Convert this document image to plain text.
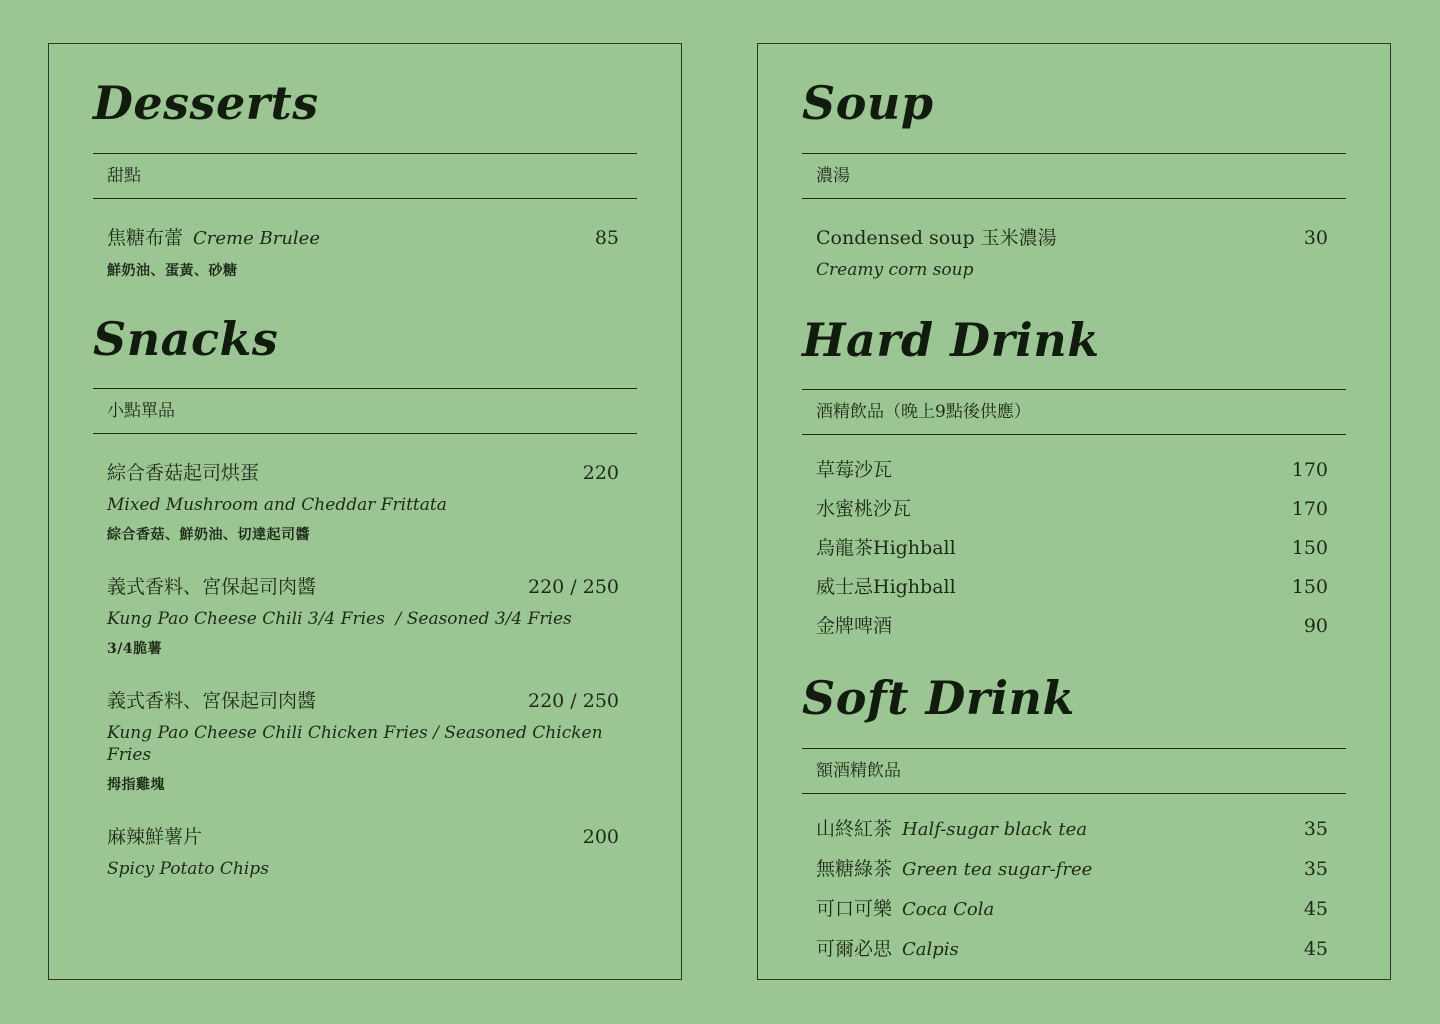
Desserts
甜點
焦糖布蕾 Creme Brulee	85
鮮奶油、蛋黃、砂糖
Snacks
小點單品
綜合香菇起司烘蛋	220
Mixed Mushroom and Cheddar Frittata
綜合香菇、鮮奶油、切達起司醬
義式香料、宮保起司肉醬	220 / 250
Kung Pao Cheese Chili 3/4 Fries  / Seasoned 3/4 Fries
3/4脆薯
義式香料、宮保起司肉醬	220 / 250
Kung Pao Cheese Chili Chicken Fries / Seasoned Chicken Fries
拇指雞塊
麻辣鮮薯片	200
Spicy Potato Chips
Soup
濃湯
Condensed soup 玉米濃湯	30
Creamy corn soup
Hard Drink
酒精飲品（晚上9點後供應）
草莓沙瓦	170
水蜜桃沙瓦	170
烏龍茶Highball	150
威士忌Highball	150
金牌啤酒	90
Soft Drink
額酒精飲品
山終紅茶 Half-sugar black tea	35
無糖綠茶 Green tea sugar-free	35
可口可樂 Coca Cola	45
可爾必思 Calpis	45
